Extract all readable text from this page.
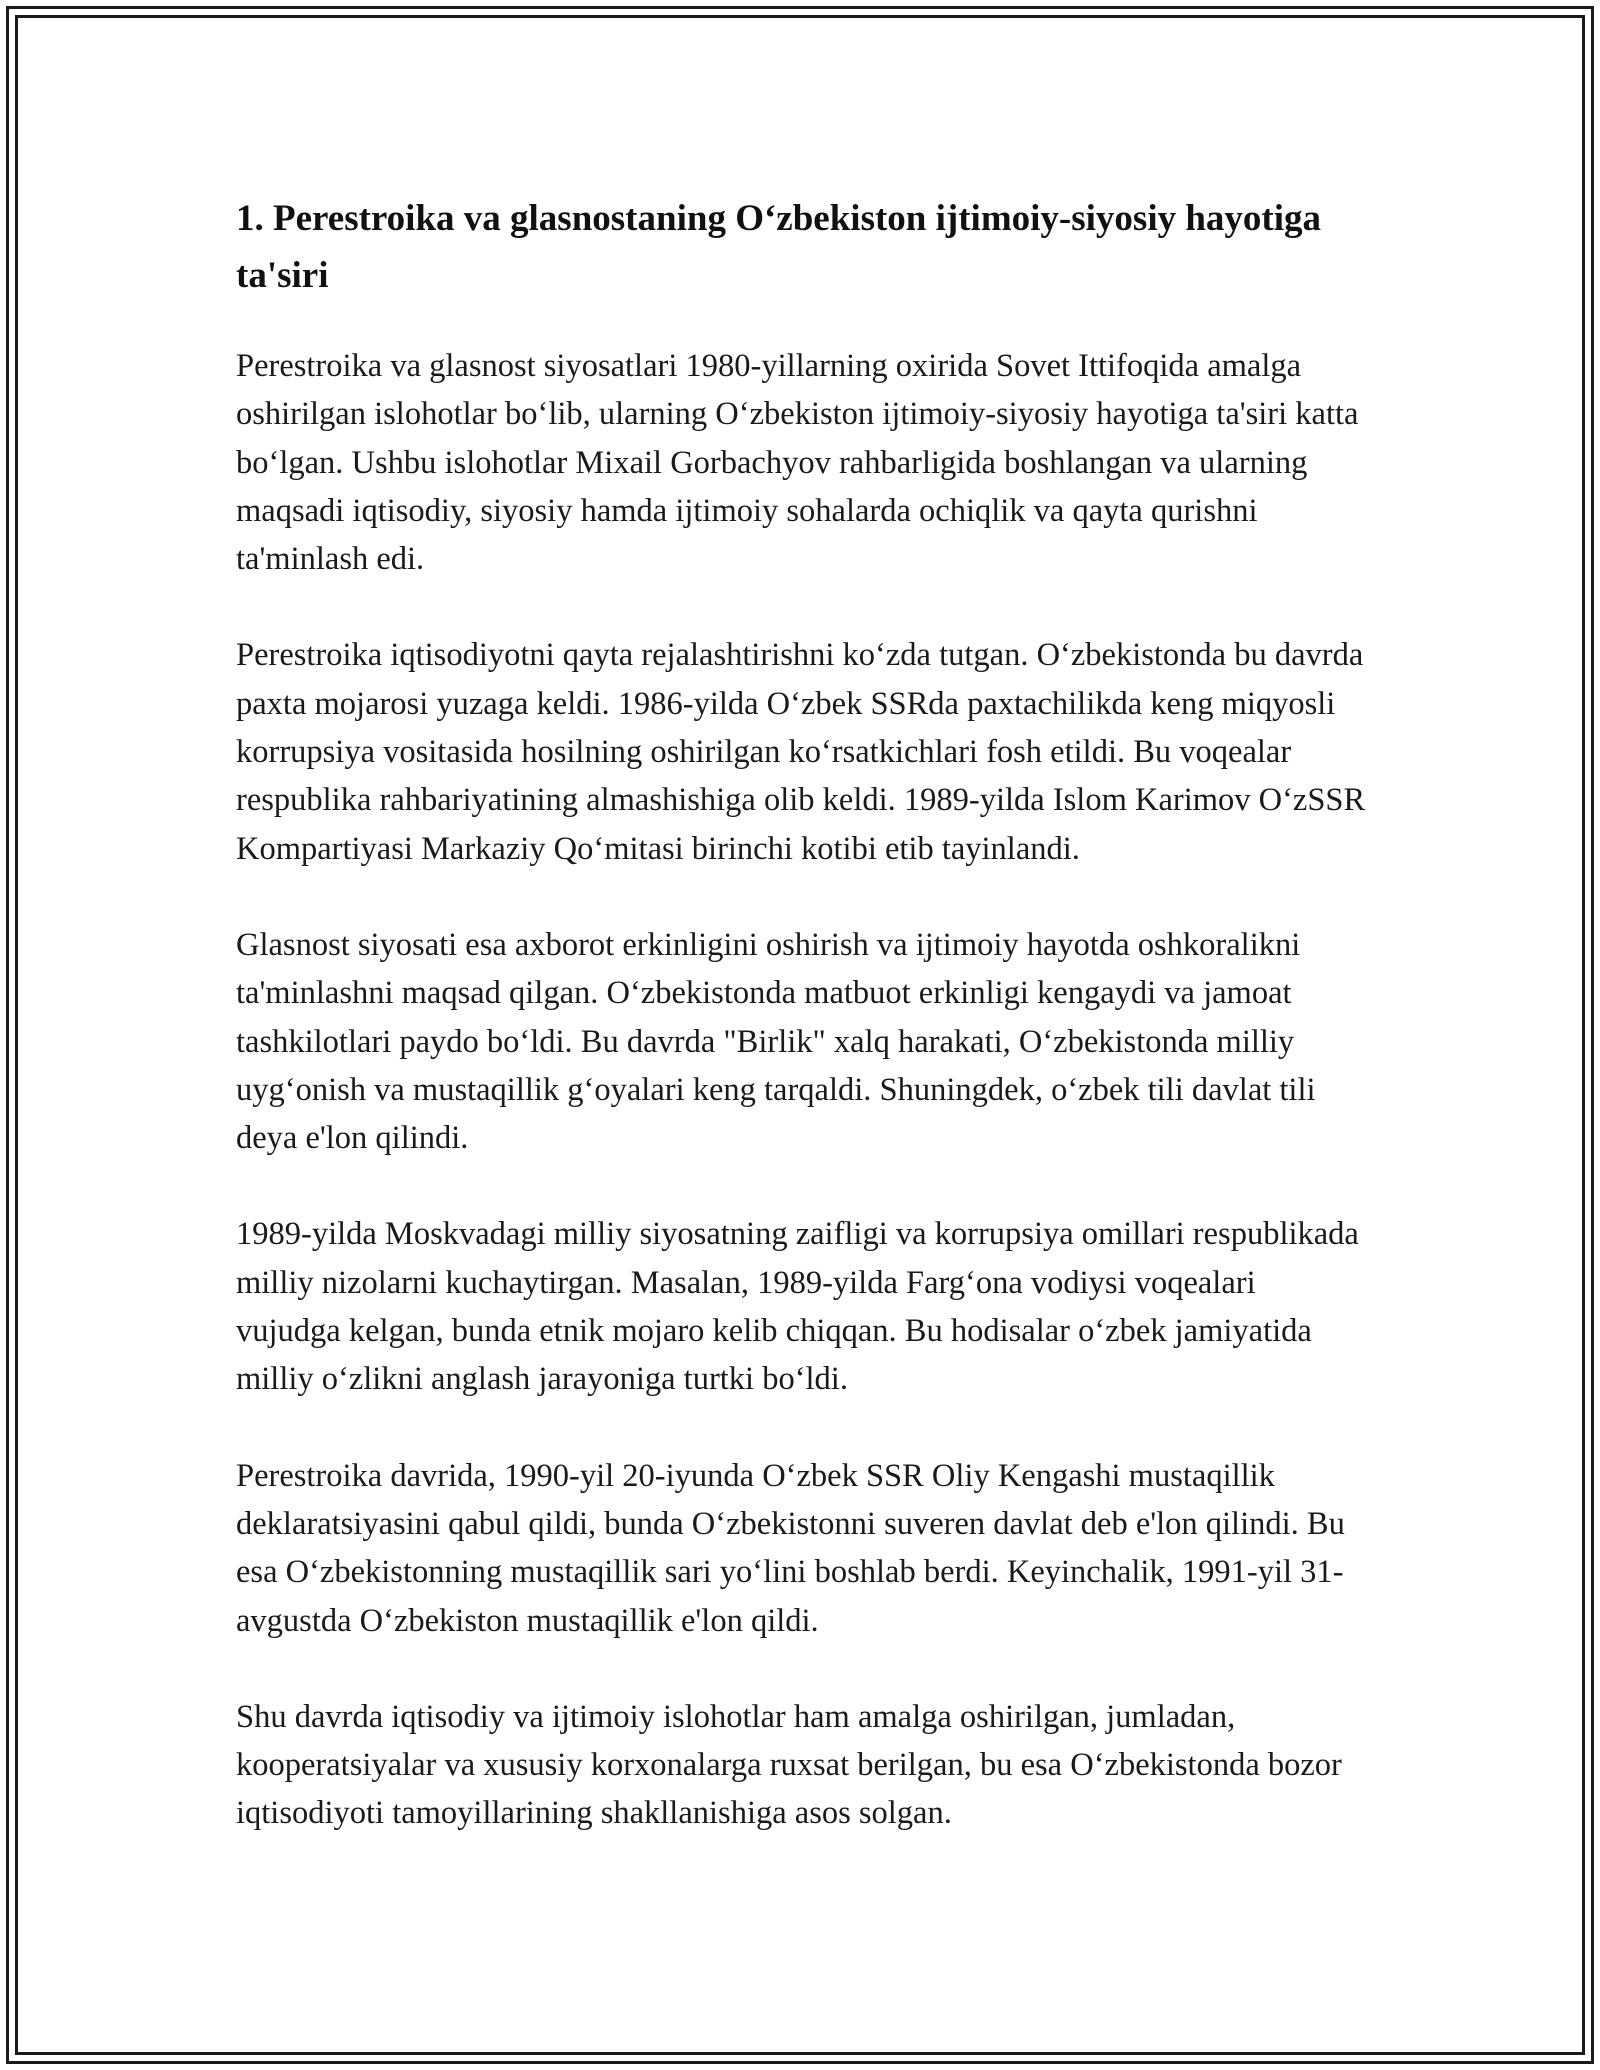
1. Perestroika va glasnostaning O‘zbekiston ijtimoiy-siyosiy hayotiga ta'siri

Perestroika va glasnost siyosatlari 1980-yillarning oxirida Sovet Ittifoqida amalga oshirilgan islohotlar bo‘lib, ularning O‘zbekiston ijtimoiy-siyosiy hayotiga ta'siri katta bo‘lgan. Ushbu islohotlar Mixail Gorbachyov rahbarligida boshlangan va ularning maqsadi iqtisodiy, siyosiy hamda ijtimoiy sohalarda ochiqlik va qayta qurishni ta'minlash edi.

Perestroika iqtisodiyotni qayta rejalashtirishni ko‘zda tutgan. O‘zbekistonda bu davrda paxta mojarosi yuzaga keldi. 1986-yilda O‘zbek SSRda paxtachilikda keng miqyosli korrupsiya vositasida hosilning oshirilgan ko‘rsatkichlari fosh etildi. Bu voqealar respublika rahbariyatining almashishiga olib keldi. 1989-yilda Islom Karimov O‘zSSR Kompartiyasi Markaziy Qo‘mitasi birinchi kotibi etib tayinlandi.

Glasnost siyosati esa axborot erkinligini oshirish va ijtimoiy hayotda oshkoralikni ta'minlashni maqsad qilgan. O‘zbekistonda matbuot erkinligi kengaydi va jamoat tashkilotlari paydo bo‘ldi. Bu davrda "Birlik" xalq harakati, O‘zbekistonda milliy uyg‘onish va mustaqillik g‘oyalari keng tarqaldi. Shuningdek, o‘zbek tili davlat tili deya e'lon qilindi.

1989-yilda Moskvadagi milliy siyosatning zaifligi va korrupsiya omillari respublikada milliy nizolarni kuchaytirgan. Masalan, 1989-yilda Farg‘ona vodiysi voqealari vujudga kelgan, bunda etnik mojaro kelib chiqqan. Bu hodisalar o‘zbek jamiyatida milliy o‘zlikni anglash jarayoniga turtki bo‘ldi.

Perestroika davrida, 1990-yil 20-iyunda O‘zbek SSR Oliy Kengashi mustaqillik deklaratsiyasini qabul qildi, bunda O‘zbekistonni suveren davlat deb e'lon qilindi. Bu esa O‘zbekistonning mustaqillik sari yo‘lini boshlab berdi. Keyinchalik, 1991-yil 31-avgustda O‘zbekiston mustaqillik e'lon qildi.

Shu davrda iqtisodiy va ijtimoiy islohotlar ham amalga oshirilgan, jumladan, kooperatsiyalar va xususiy korxonalarga ruxsat berilgan, bu esa O‘zbekistonda bozor iqtisodiyoti tamoyillarining shakllanishiga asos solgan.
